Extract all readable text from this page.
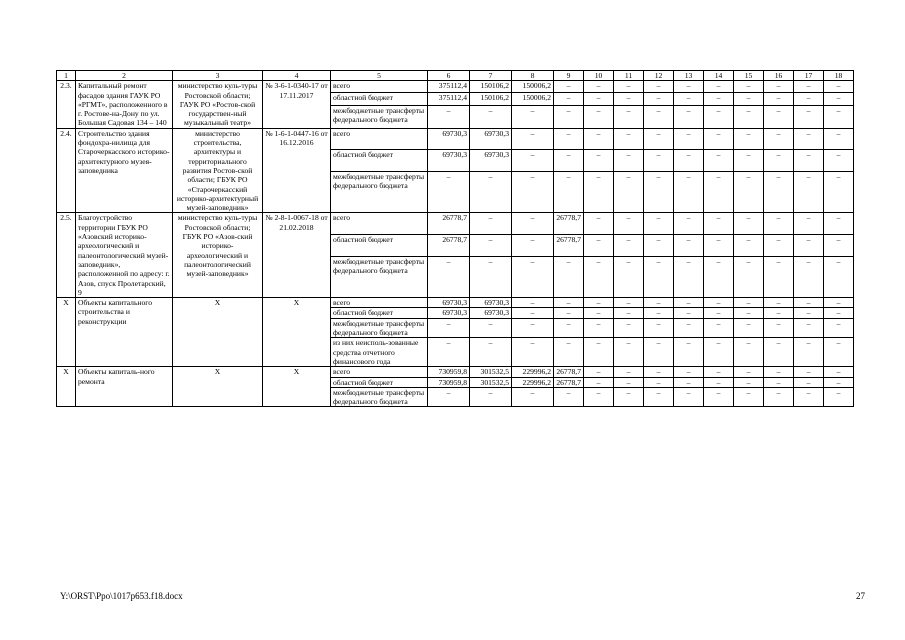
1	2	3	4	5	6	7	8	9	10	11	12	13	14	15	16	17	18
2.3.	Капитальный ремонт фасадов здания ГАУК РО «РГМТ», расположенного в г. Ростове-на-Дону по ул. Большая Садовая 134 – 140	министерство куль-туры Ростовской области; ГАУК РО «Ростов-ской государствен-ный музыкальный театр»	№ 3-6-1-0340-17 от 17.11.2017	всего	375112,4	150106,2	150006,2	–	–	–	–	–	–	–	–	–	–
				областной бюджет	375112,4	150106,2	150006,2	–	–	–	–	–	–	–	–	–	–
				межбюджетные трансферты федерального бюджета	–	–	–	–	–	–	–	–	–	–	–	–	–
2.4.	Строительство здания фондохра-нилища для Старочеркасского историко-архитектурного музея-заповедника	министерство строительства, архитектуры и территориального развития Ростов-ской области; ГБУК РО «Старочеркасский историко-архитектурный музей-заповедник»	№ 1-6-1-0447-16 от 16.12.2016	всего	69730,3	69730,3	–	–	–	–	–	–	–	–	–	–	–
				областной бюджет	69730,3	69730,3	–	–	–	–	–	–	–	–	–	–	–
				межбюджетные трансферты федерального бюджета	–	–	–	–	–	–	–	–	–	–	–	–	–
2.5.	Благоустройство территории ГБУК РО «Азовский историко-археологический и палеонтологический музей-заповедник», расположенной по адресу: г. Азов, спуск Пролетарский, 9	министерство куль-туры Ростовской области; ГБУК РО «Азов-ский историко-археологический и палеонтологический музей-заповедник»	№ 2-8-1-0067-18 от 21.02.2018	всего	26778,7	–	–	26778,7	–	–	–	–	–	–	–	–	–
				областной бюджет	26778,7	–	–	26778,7	–	–	–	–	–	–	–	–	–
				межбюджетные трансферты федерального бюджета	–	–	–	–	–	–	–	–	–	–	–	–	–
Х	Объекты капитального строительства и реконструкции	Х	Х	всего	69730,3	69730,3	–	–	–	–	–	–	–	–	–	–	–
				областной бюджет	69730,3	69730,3	–	–	–	–	–	–	–	–	–	–	–
				межбюджетные трансферты федерального бюджета	–	–	–	–	–	–	–	–	–	–	–	–	–
				из них неисполь-зованные средства отчетного финансового года	–	–	–	–	–	–	–	–	–	–	–	–	–
Х	Объекты капиталь-ного ремонта	Х	Х	всего	730959,8	301532,5	229996,2	26778,7	–	–	–	–	–	–	–	–	–
				областной бюджет	730959,8	301532,5	229996,2	26778,7	–	–	–	–	–	–	–	–	–
				межбюджетные трансферты федерального бюджета	–	–	–	–	–	–	–	–	–	–	–	–	–
Y:\ORST\Ppo\1017p653.f18.docx	27
